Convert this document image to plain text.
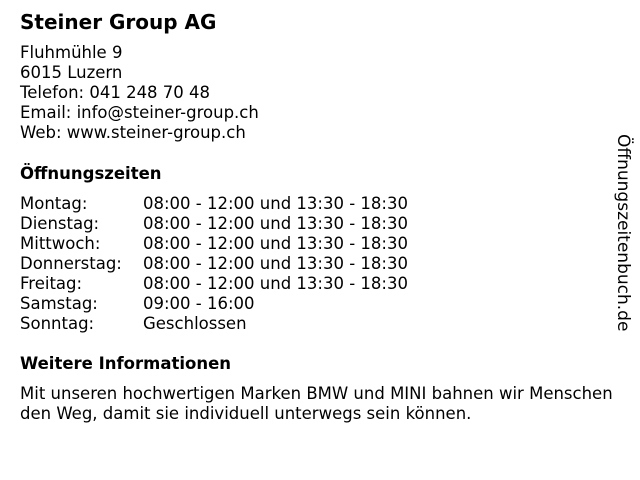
Steiner Group AG
Fluhmühle 9
6015 Luzern
Telefon: 041 248 70 48
Email: info@steiner-group.ch
Web: www.steiner-group.ch
Öffnungszeiten
Montag:	08:00 - 12:00 und 13:30 - 18:30
Dienstag:	08:00 - 12:00 und 13:30 - 18:30
Mittwoch:	08:00 - 12:00 und 13:30 - 18:30
Donnerstag:	08:00 - 12:00 und 13:30 - 18:30
Freitag:	08:00 - 12:00 und 13:30 - 18:30
Samstag:	09:00 - 16:00
Sonntag:	Geschlossen
Weitere Informationen
Mit unseren hochwertigen Marken BMW und MINI bahnen wir Menschen den Weg, damit sie individuell unterwegs sein können.
Öffnungszeitenbuch.de
